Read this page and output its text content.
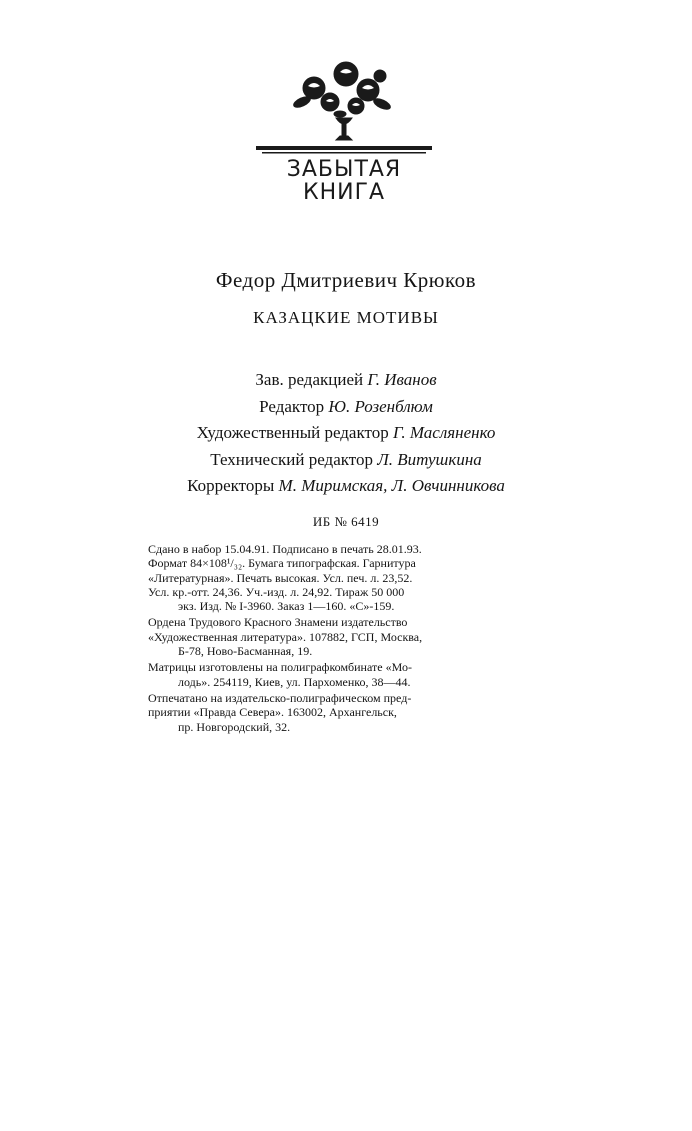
ЗАБЫТАЯ
КНИГА
Федор Дмитриевич Крюков
КАЗАЦКИЕ МОТИВЫ
Зав. редакцией Г. Иванов
Редактор Ю. Розенблюм
Художественный редактор Г. Масляненко
Технический редактор Л. Витушкина
Корректоры М. Миримская, Л. Овчинникова
ИБ № 6419

Сдано в набор 15.04.91. Подписано в печать 28.01.93.
Формат 84×108¹/₃₂. Бумага типографская. Гарнитура
«Литературная». Печать высокая. Усл. печ. л. 23,52.
Усл. кр.-отт. 24,36. Уч.-изд. л. 24,92. Тираж 50 000
экз. Изд. № I-3960. Заказ 1—160. «С»-159.

Ордена Трудового Красного Знамени издательство
«Художественная литература». 107882, ГСП, Москва,
Б-78, Ново-Басманная, 19.

Матрицы изготовлены на полиграфкомбинате «Мо-
лодь». 254119, Киев, ул. Пархоменко, 38—44.

Отпечатано на издательско-полиграфическом пред-
приятии «Правда Севера». 163002, Архангельск,
пр. Новгородский, 32.
